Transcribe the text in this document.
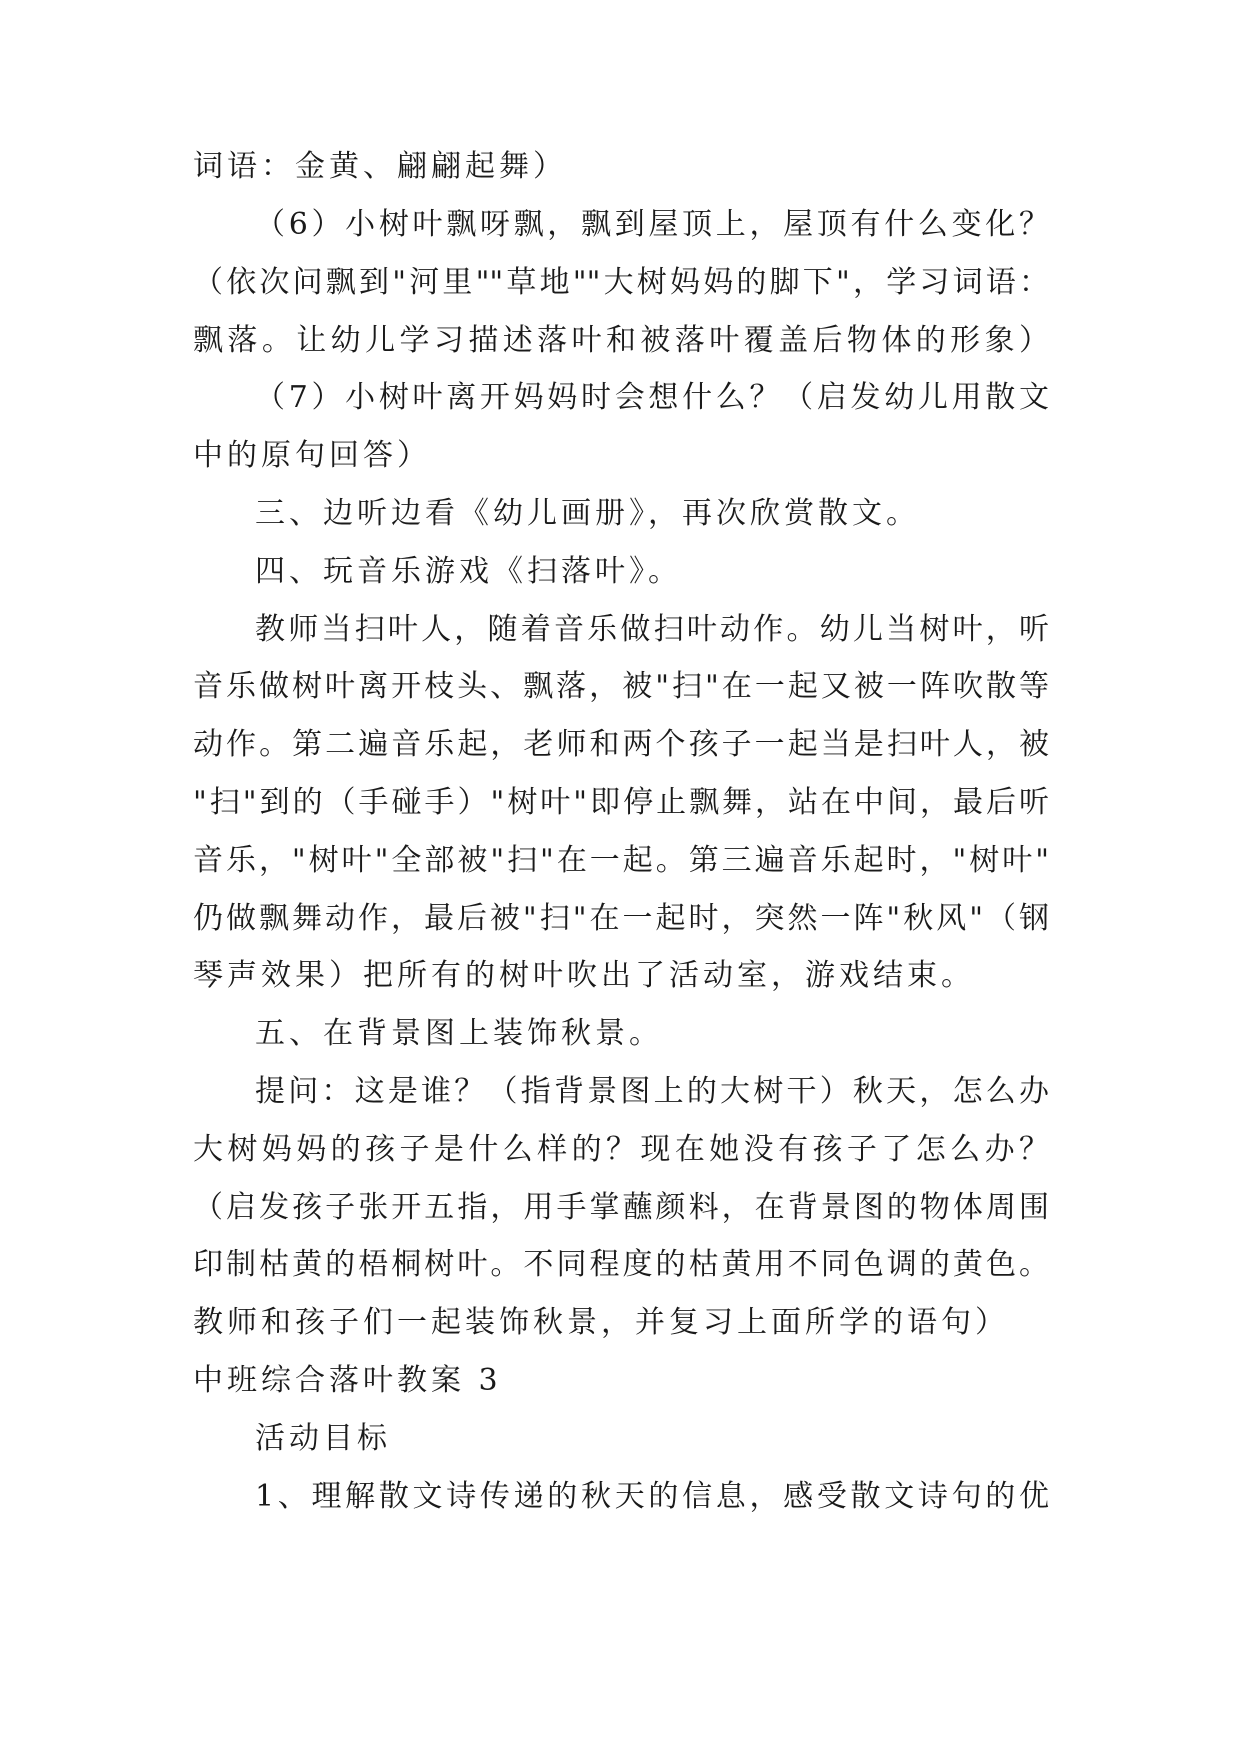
词语：金黄、翩翩起舞）
（6）小树叶飘呀飘，飘到屋顶上，屋顶有什么变化？
（依次问飘到"河里""草地""大树妈妈的脚下"，学习词语：
飘落。让幼儿学习描述落叶和被落叶覆盖后物体的形象）
（7）小树叶离开妈妈时会想什么？（启发幼儿用散文
中的原句回答）
三、边听边看《幼儿画册》，再次欣赏散文。
四、玩音乐游戏《扫落叶》。
教师当扫叶人，随着音乐做扫叶动作。幼儿当树叶，听
音乐做树叶离开枝头、飘落，被"扫"在一起又被一阵吹散等
动作。第二遍音乐起，老师和两个孩子一起当是扫叶人，被
"扫"到的（手碰手）"树叶"即停止飘舞，站在中间，最后听
音乐，"树叶"全部被"扫"在一起。第三遍音乐起时，"树叶"
仍做飘舞动作，最后被"扫"在一起时，突然一阵"秋风"（钢
琴声效果）把所有的树叶吹出了活动室，游戏结束。
五、在背景图上装饰秋景。
提问：这是谁？（指背景图上的大树干）秋天，怎么办
大树妈妈的孩子是什么样的？现在她没有孩子了怎么办？
（启发孩子张开五指，用手掌蘸颜料，在背景图的物体周围
印制枯黄的梧桐树叶。不同程度的枯黄用不同色调的黄色。
教师和孩子们一起装饰秋景，并复习上面所学的语句）
中班综合落叶教案 3
活动目标
1、理解散文诗传递的秋天的信息，感受散文诗句的优
